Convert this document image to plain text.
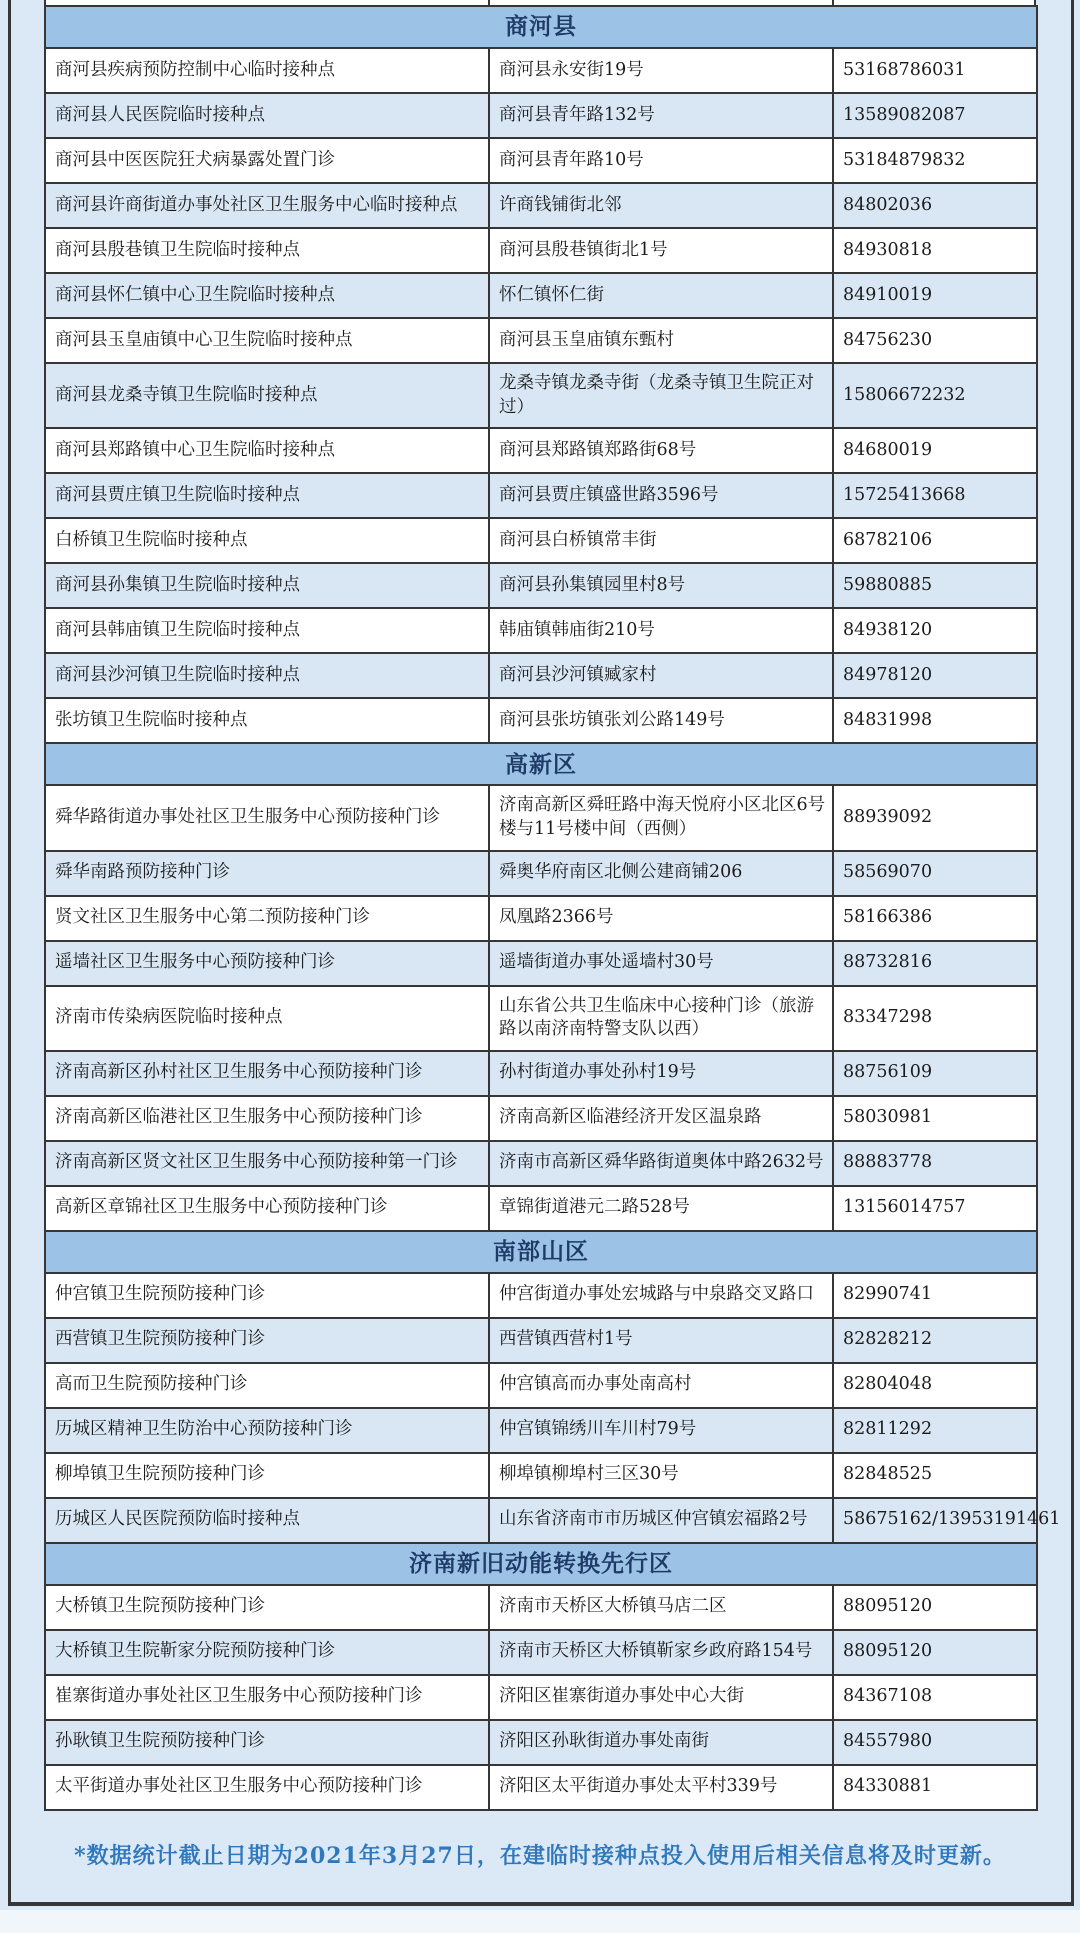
商河县		
商河县疾病预防控制中心临时接种点	商河县永安街19号	53168786031
商河县人民医院临时接种点	商河县青年路132号	13589082087
商河县中医医院狂犬病暴露处置门诊	商河县青年路10号	53184879832
商河县许商街道办事处社区卫生服务中心临时接种点	许商钱铺街北邻	84802036
商河县殷巷镇卫生院临时接种点	商河县殷巷镇街北1号	84930818
商河县怀仁镇中心卫生院临时接种点	怀仁镇怀仁街	84910019
商河县玉皇庙镇中心卫生院临时接种点	商河县玉皇庙镇东甄村	84756230
商河县龙桑寺镇卫生院临时接种点	龙桑寺镇龙桑寺街（龙桑寺镇卫生院正对过）	15806672232
商河县郑路镇中心卫生院临时接种点	商河县郑路镇郑路街68号	84680019
商河县贾庄镇卫生院临时接种点	商河县贾庄镇盛世路3596号	15725413668
白桥镇卫生院临时接种点	商河县白桥镇常丰街	68782106
商河县孙集镇卫生院临时接种点	商河县孙集镇园里村8号	59880885
商河县韩庙镇卫生院临时接种点	韩庙镇韩庙街210号	84938120
商河县沙河镇卫生院临时接种点	商河县沙河镇臧家村	84978120
张坊镇卫生院临时接种点	商河县张坊镇张刘公路149号	84831998
高新区		
舜华路街道办事处社区卫生服务中心预防接种门诊	济南高新区舜旺路中海天悦府小区北区6号楼与11号楼中间（西侧）	88939092
舜华南路预防接种门诊	舜奥华府南区北侧公建商铺206	58569070
贤文社区卫生服务中心第二预防接种门诊	凤凰路2366号	58166386
遥墙社区卫生服务中心预防接种门诊	遥墙街道办事处遥墙村30号	88732816
济南市传染病医院临时接种点	山东省公共卫生临床中心接种门诊（旅游路以南济南特警支队以西）	83347298
济南高新区孙村社区卫生服务中心预防接种门诊	孙村街道办事处孙村19号	88756109
济南高新区临港社区卫生服务中心预防接种门诊	济南高新区临港经济开发区温泉路	58030981
济南高新区贤文社区卫生服务中心预防接种第一门诊	济南市高新区舜华路街道奥体中路2632号	88883778
高新区章锦社区卫生服务中心预防接种门诊	章锦街道港元二路528号	13156014757
南部山区		
仲宫镇卫生院预防接种门诊	仲宫街道办事处宏城路与中泉路交叉路口	82990741
西营镇卫生院预防接种门诊	西营镇西营村1号	82828212
高而卫生院预防接种门诊	仲宫镇高而办事处南高村	82804048
历城区精神卫生防治中心预防接种门诊	仲宫镇锦绣川车川村79号	82811292
柳埠镇卫生院预防接种门诊	柳埠镇柳埠村三区30号	82848525
历城区人民医院预防临时接种点	山东省济南市市历城区仲宫镇宏福路2号	58675162/13953191461
济南新旧动能转换先行区		
大桥镇卫生院预防接种门诊	济南市天桥区大桥镇马店二区	88095120
大桥镇卫生院靳家分院预防接种门诊	济南市天桥区大桥镇靳家乡政府路154号	88095120
崔寨街道办事处社区卫生服务中心预防接种门诊	济阳区崔寨街道办事处中心大街	84367108
孙耿镇卫生院预防接种门诊	济阳区孙耿街道办事处南街	84557980
太平街道办事处社区卫生服务中心预防接种门诊	济阳区太平街道办事处太平村339号	84330881
*数据统计截止日期为2021年3月27日，在建临时接种点投入使用后相关信息将及时更新。
